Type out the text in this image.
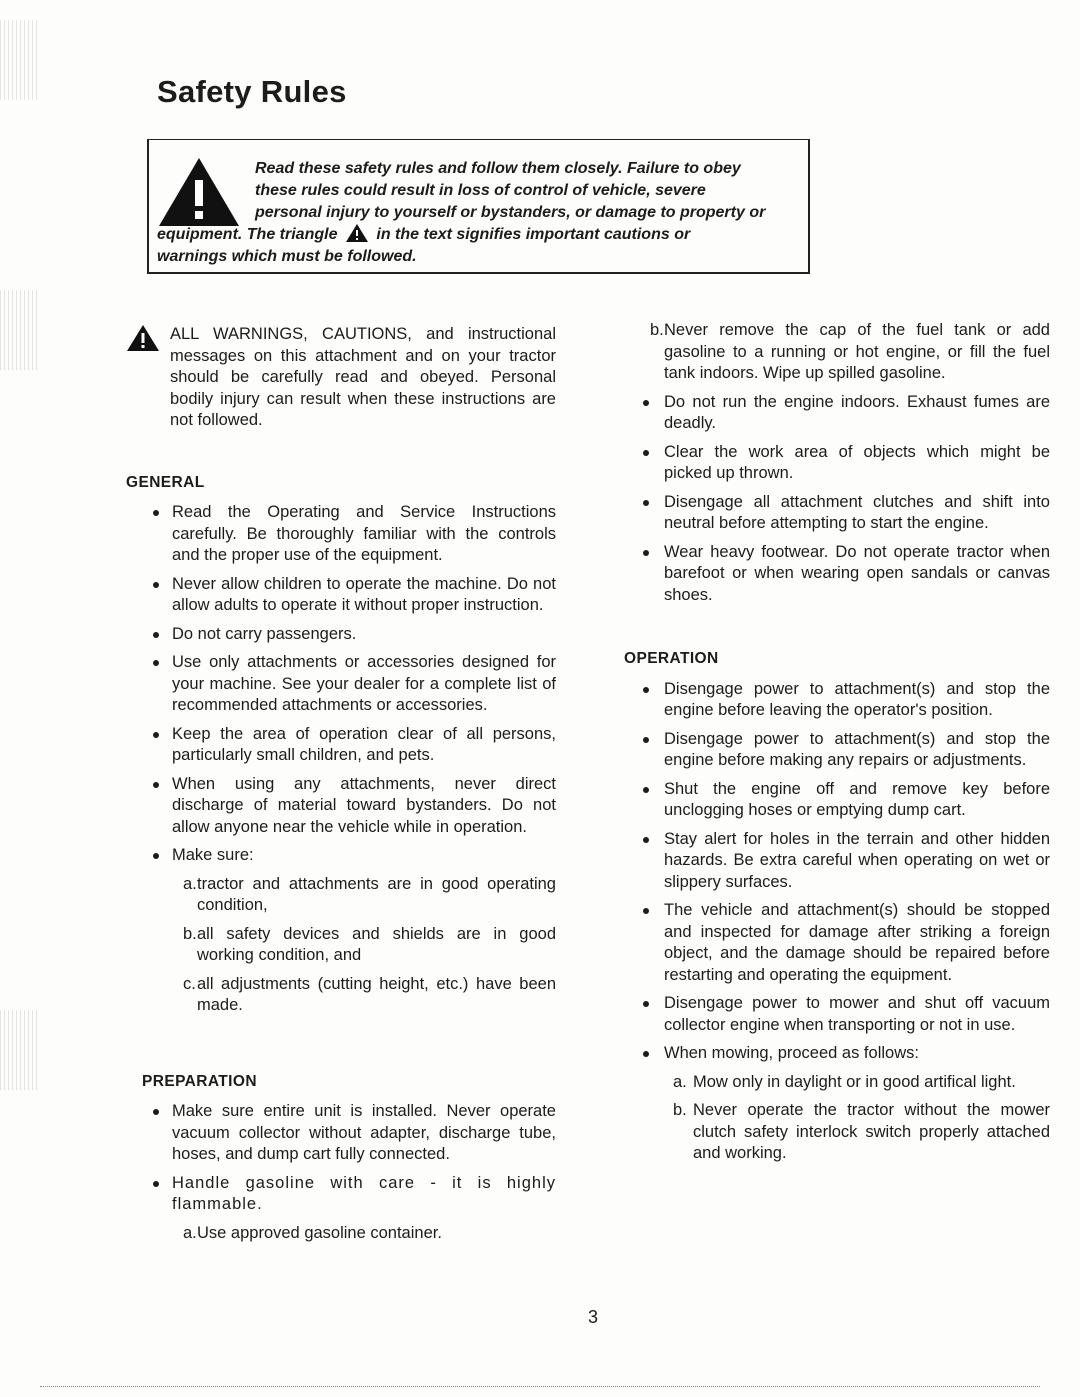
Safety Rules
Read these safety rules and follow them closely. Failure to obey
these rules could result in loss of control of vehicle, severe
personal injury to yourself or bystanders, or damage to property or
equipment. The triangle in the text signifies important cautions or
warnings which must be followed.
ALL WARNINGS, CAUTIONS, and instructional messages on this attachment and on your tractor should be carefully read and obeyed. Personal bodily injury can result when these instructions are not followed.
GENERAL
Read the Operating and Service Instructions carefully. Be thoroughly familiar with the controls and the proper use of the equipment.
Never allow children to operate the machine. Do not allow adults to operate it without proper instruction.
Do not carry passengers.
Use only attachments or accessories designed for your machine. See your dealer for a complete list of recommended attachments or accessories.
Keep the area of operation clear of all persons, particularly small children, and pets.
When using any attachments, never direct discharge of material toward bystanders. Do not allow anyone near the vehicle while in operation.
Make sure:
a. tractor and attachments are in good operating condition,
b. all safety devices and shields are in good working condition, and
c. all adjustments (cutting height, etc.) have been made.
PREPARATION
Make sure entire unit is installed. Never operate vacuum collector without adapter, discharge tube, hoses, and dump cart fully connected.
Handle gasoline with care - it is highly flammable.
a. Use approved gasoline container.
b. Never remove the cap of the fuel tank or add gasoline to a running or hot engine, or fill the fuel tank indoors. Wipe up spilled gasoline.
Do not run the engine indoors. Exhaust fumes are deadly.
Clear the work area of objects which might be picked up thrown.
Disengage all attachment clutches and shift into neutral before attempting to start the engine.
Wear heavy footwear. Do not operate tractor when barefoot or when wearing open sandals or canvas shoes.
OPERATION
Disengage power to attachment(s) and stop the engine before leaving the operator's position.
Disengage power to attachment(s) and stop the engine before making any repairs or adjustments.
Shut the engine off and remove key before unclogging hoses or emptying dump cart.
Stay alert for holes in the terrain and other hidden hazards. Be extra careful when operating on wet or slippery surfaces.
The vehicle and attachment(s) should be stopped and inspected for damage after striking a foreign object, and the damage should be repaired before restarting and operating the equipment.
Disengage power to mower and shut off vacuum collector engine when transporting or not in use.
When mowing, proceed as follows:
a. Mow only in daylight or in good artifical light.
b. Never operate the tractor without the mower clutch safety interlock switch properly attached and working.
3
